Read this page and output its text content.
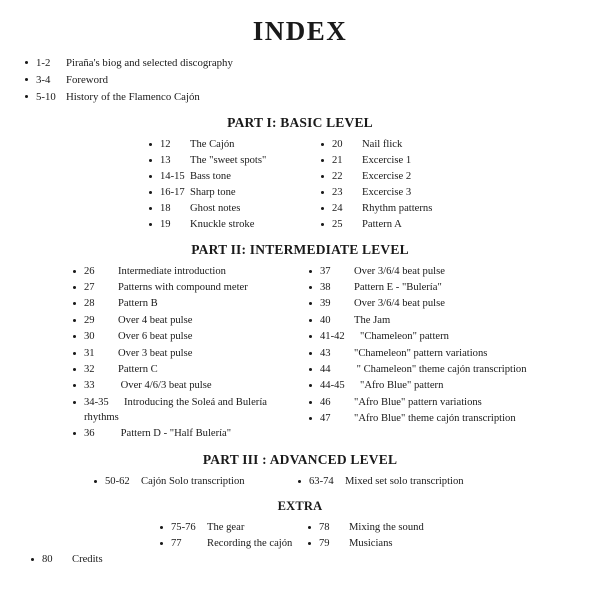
INDEX
1-2 Piraña's biog and selected discography
3-4 Foreword
5-10 History of the Flamenco Cajón
PART I: BASIC LEVEL
12 The Cajón
13 The "sweet spots"
14-15 Bass tone
16-17 Sharp tone
18 Ghost notes
19 Knuckle stroke
20 Nail flick
21 Excercise 1
22 Excercise 2
23 Excercise 3
24 Rhythm patterns
25 Pattern A
PART II: INTERMEDIATE LEVEL
26 Intermediate introduction
27 Patterns with compound meter
28 Pattern B
29 Over 4 beat pulse
30 Over 6 beat pulse
31 Over 3 beat pulse
32 Pattern C
33 Over 4/6/3 beat pulse
34-35 Introducing the Soleá and Bulería rhythms
36 Pattern D - "Half Bulería"
37 Over 3/6/4 beat pulse
38 Pattern E - "Bulería"
39 Over 3/6/4 beat pulse
40 The Jam
41-42 "Chameleon" pattern
43 "Chameleon" pattern variations
44 " Chameleon" theme cajón transcription
44-45 "Afro Blue" pattern
46 "Afro Blue" pattern variations
47 "Afro Blue" theme cajón transcription
PART III : ADVANCED LEVEL
50-62 Cajón Solo transcription	63-74 Mixed set solo transcription
EXTRA
75-76 The gear
77 Recording the cajón
78 Mixing the sound
79 Musicians
80 Credits
